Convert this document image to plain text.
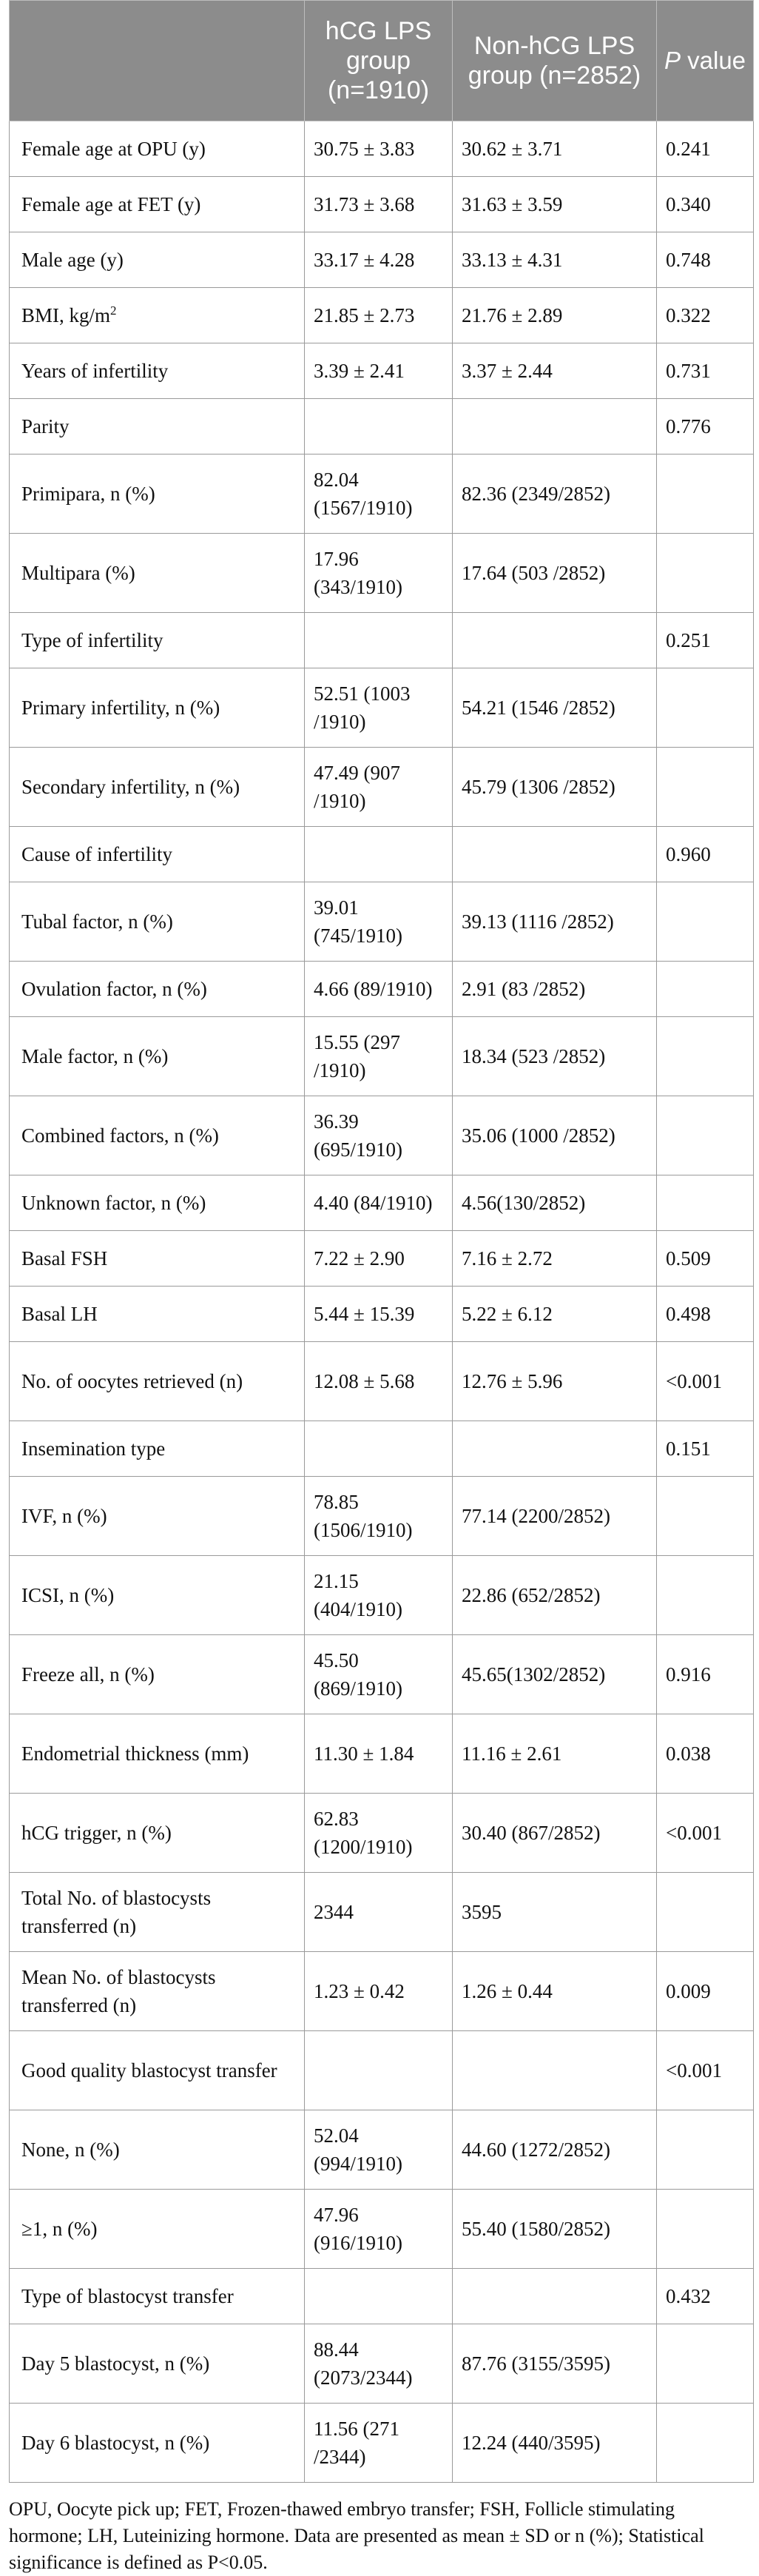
	hCG LPS group (n=1910)	Non-hCG LPS group (n=2852)	P value
Female age at OPU (y)	30.75 ± 3.83	30.62 ± 3.71	0.241
Female age at FET (y)	31.73 ± 3.68	31.63 ± 3.59	0.340
Male age (y)	33.17 ± 4.28	33.13 ± 4.31	0.748
BMI, $kg/m^2$	21.85 ± 2.73	21.76 ± 2.89	0.322
Years of infertility	3.39 ± 2.41	3.37 ± 2.44	0.731
Parity			0.776
Primipara, n (%)	82.04 (1567/1910)	82.36 (2349/2852)	
Multipara (%)	17.96 (343/1910)	17.64 (503 /2852)	
Type of infertility			0.251
Primary infertility, n (%)	52.51 (1003 /1910)	54.21 (1546 /2852)	
Secondary infertility, n (%)	47.49 (907 /1910)	45.79 (1306 /2852)	
Cause of infertility			0.960
Tubal factor, n (%)	39.01 (745/1910)	39.13 (1116 /2852)	
Ovulation factor, n (%)	4.66 (89/1910)	2.91 (83 /2852)	
Male factor, n (%)	15.55 (297 /1910)	18.34 (523 /2852)	
Combined factors, n (%)	36.39 (695/1910)	35.06 (1000 /2852)	
Unknown factor, n (%)	4.40 (84/1910)	4.56(130/2852)	
Basal FSH	7.22 ± 2.90	7.16 ± 2.72	0.509
Basal LH	5.44 ± 15.39	5.22 ± 6.12	0.498
No. of oocytes retrieved (n)	12.08 ± 5.68	12.76 ± 5.96	<0.001
Insemination type			0.151
IVF, n (%)	78.85 (1506/1910)	77.14 (2200/2852)	
ICSI, n (%)	21.15 (404/1910)	22.86 (652/2852)	
Freeze all, n (%)	45.50 (869/1910)	45.65(1302/2852)	0.916
Endometrial thickness (mm)	11.30 ± 1.84	11.16 ± 2.61	0.038
hCG trigger, n (%)	62.83 (1200/1910)	30.40 (867/2852)	<0.001
Total No. of blastocysts transferred (n)	2344	3595	
Mean No. of blastocysts transferred (n)	1.23 ± 0.42	1.26 ± 0.44	0.009
Good quality blastocyst transfer			<0.001
None, n (%)	52.04 (994/1910)	44.60 (1272/2852)	
≥1, n (%)	47.96 (916/1910)	55.40 (1580/2852)	
Type of blastocyst transfer			0.432
Day 5 blastocyst, n (%)	88.44 (2073/2344)	87.76 (3155/3595)	
Day 6 blastocyst, n (%)	11.56 (271 /2344)	12.24 (440/3595)	
OPU, Oocyte pick up; FET, Frozen-thawed embryo transfer; FSH, Follicle stimulating hormone; LH, Luteinizing hormone. Data are presented as mean ± SD or n (%); Statistical significance is defined as P<0.05.
